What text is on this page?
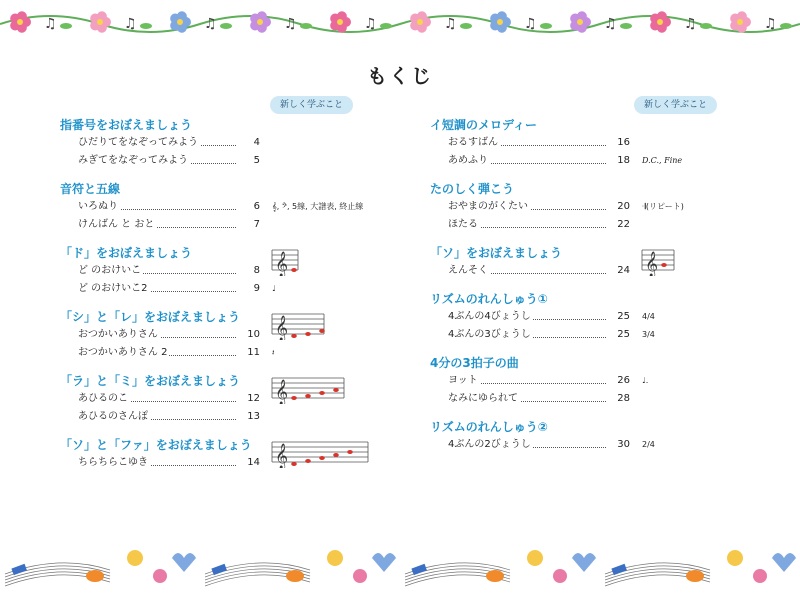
♫	♫	♫	♫	♫	♫	♫	♫	♫	♫
もくじ
新しく学ぶこと	新しく学ぶこと
指番号をおぼえましょう
ひだりてをなぞってみよう	4
みぎてをなぞってみよう	5
音符と五線
いろぬり	6 𝄞, 𝄢, 5線, 大譜表, 終止線
けんばん と おと	7
「ド」をおぼえましょう
ど のおけいこ	8
ど のおけいこ2	9 ♩
𝄞
「シ」と「レ」をおぼえましょう
おつかいありさん	10
おつかいありさん 2	11 𝄽
𝄞
「ラ」と「ミ」をおぼえましょう
あひるのこ	12
あひるのさんぽ	13
𝄞
「ソ」と「ファ」をおぼえましょう
ちらちらこゆき	14 𝄞
イ短調のメロディー
おるすばん	16
あめふり	18 D.C., Fine
たのしく弾こう
おやまのがくたい	20 𝄇(リピート)
ほたる	22
「ソ」をおぼえましょう
えんそく	24 𝄞
リズムのれんしゅう①
4ぶんの4びょうし	25 4/4
4ぶんの3びょうし	25 3/4
4分の3拍子の曲
ヨット	26 ♩.
なみにゆられて	28
リズムのれんしゅう②
4ぶんの2びょうし	30 2/4
